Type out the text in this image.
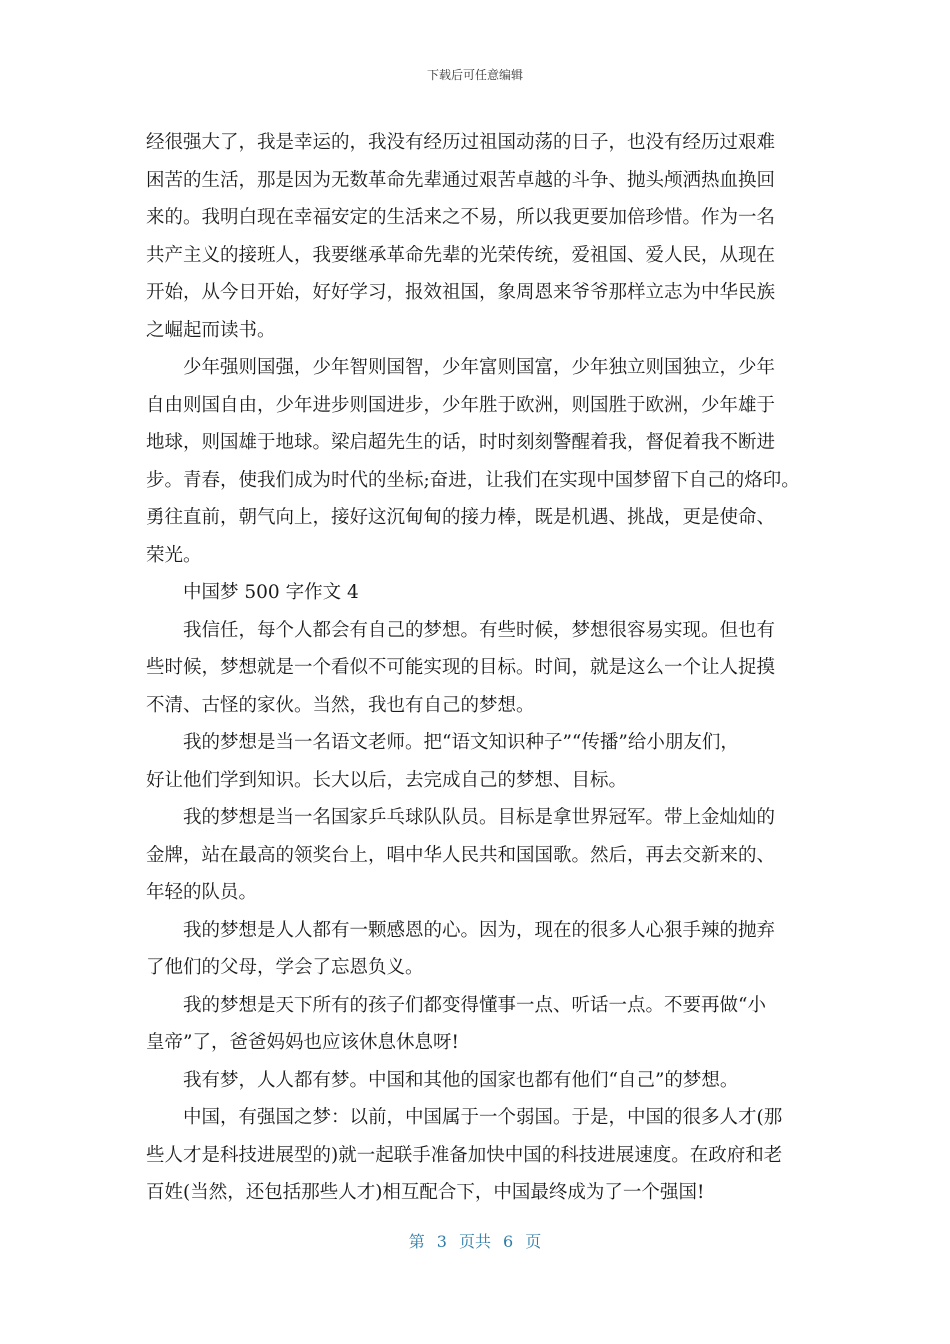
下载后可任意编辑
经很强大了，我是幸运的，我没有经历过祖国动荡的日子，也没有经历过艰难
困苦的生活，那是因为无数革命先辈通过艰苦卓越的斗争、抛头颅洒热血换回
来的。我明白现在幸福安定的生活来之不易，所以我更要加倍珍惜。作为一名
共产主义的接班人，我要继承革命先辈的光荣传统，爱祖国、爱人民，从现在
开始，从今日开始，好好学习，报效祖国，象周恩来爷爷那样立志为中华民族
之崛起而读书。
少年强则国强，少年智则国智，少年富则国富，少年独立则国独立，少年
自由则国自由，少年进步则国进步，少年胜于欧洲，则国胜于欧洲，少年雄于
地球，则国雄于地球。梁启超先生的话，时时刻刻警醒着我，督促着我不断进
步。青春，使我们成为时代的坐标;奋进，让我们在实现中国梦留下自己的烙印。
勇往直前，朝气向上，接好这沉甸甸的接力棒，既是机遇、挑战，更是使命、
荣光。
中国梦 500 字作文 4
我信任，每个人都会有自己的梦想。有些时候，梦想很容易实现。但也有
些时候，梦想就是一个看似不可能实现的目标。时间，就是这么一个让人捉摸
不清、古怪的家伙。当然，我也有自己的梦想。
我的梦想是当一名语文老师。把“语文知识种子”“传播”给小朋友们，
好让他们学到知识。长大以后，去完成自己的梦想、目标。
我的梦想是当一名国家乒乓球队队员。目标是拿世界冠军。带上金灿灿的
金牌，站在最高的领奖台上，唱中华人民共和国国歌。然后，再去交新来的、
年轻的队员。
我的梦想是人人都有一颗感恩的心。因为，现在的很多人心狠手辣的抛弃
了他们的父母，学会了忘恩负义。
我的梦想是天下所有的孩子们都变得懂事一点、听话一点。不要再做“小
皇帝”了，爸爸妈妈也应该休息休息呀!
我有梦，人人都有梦。中国和其他的国家也都有他们“自己”的梦想。
中国，有强国之梦：以前，中国属于一个弱国。于是，中国的很多人才(那
些人才是科技进展型的)就一起联手准备加快中国的科技进展速度。在政府和老
百姓(当然，还包括那些人才)相互配合下，中国最终成为了一个强国!
第 3 页共 6 页
